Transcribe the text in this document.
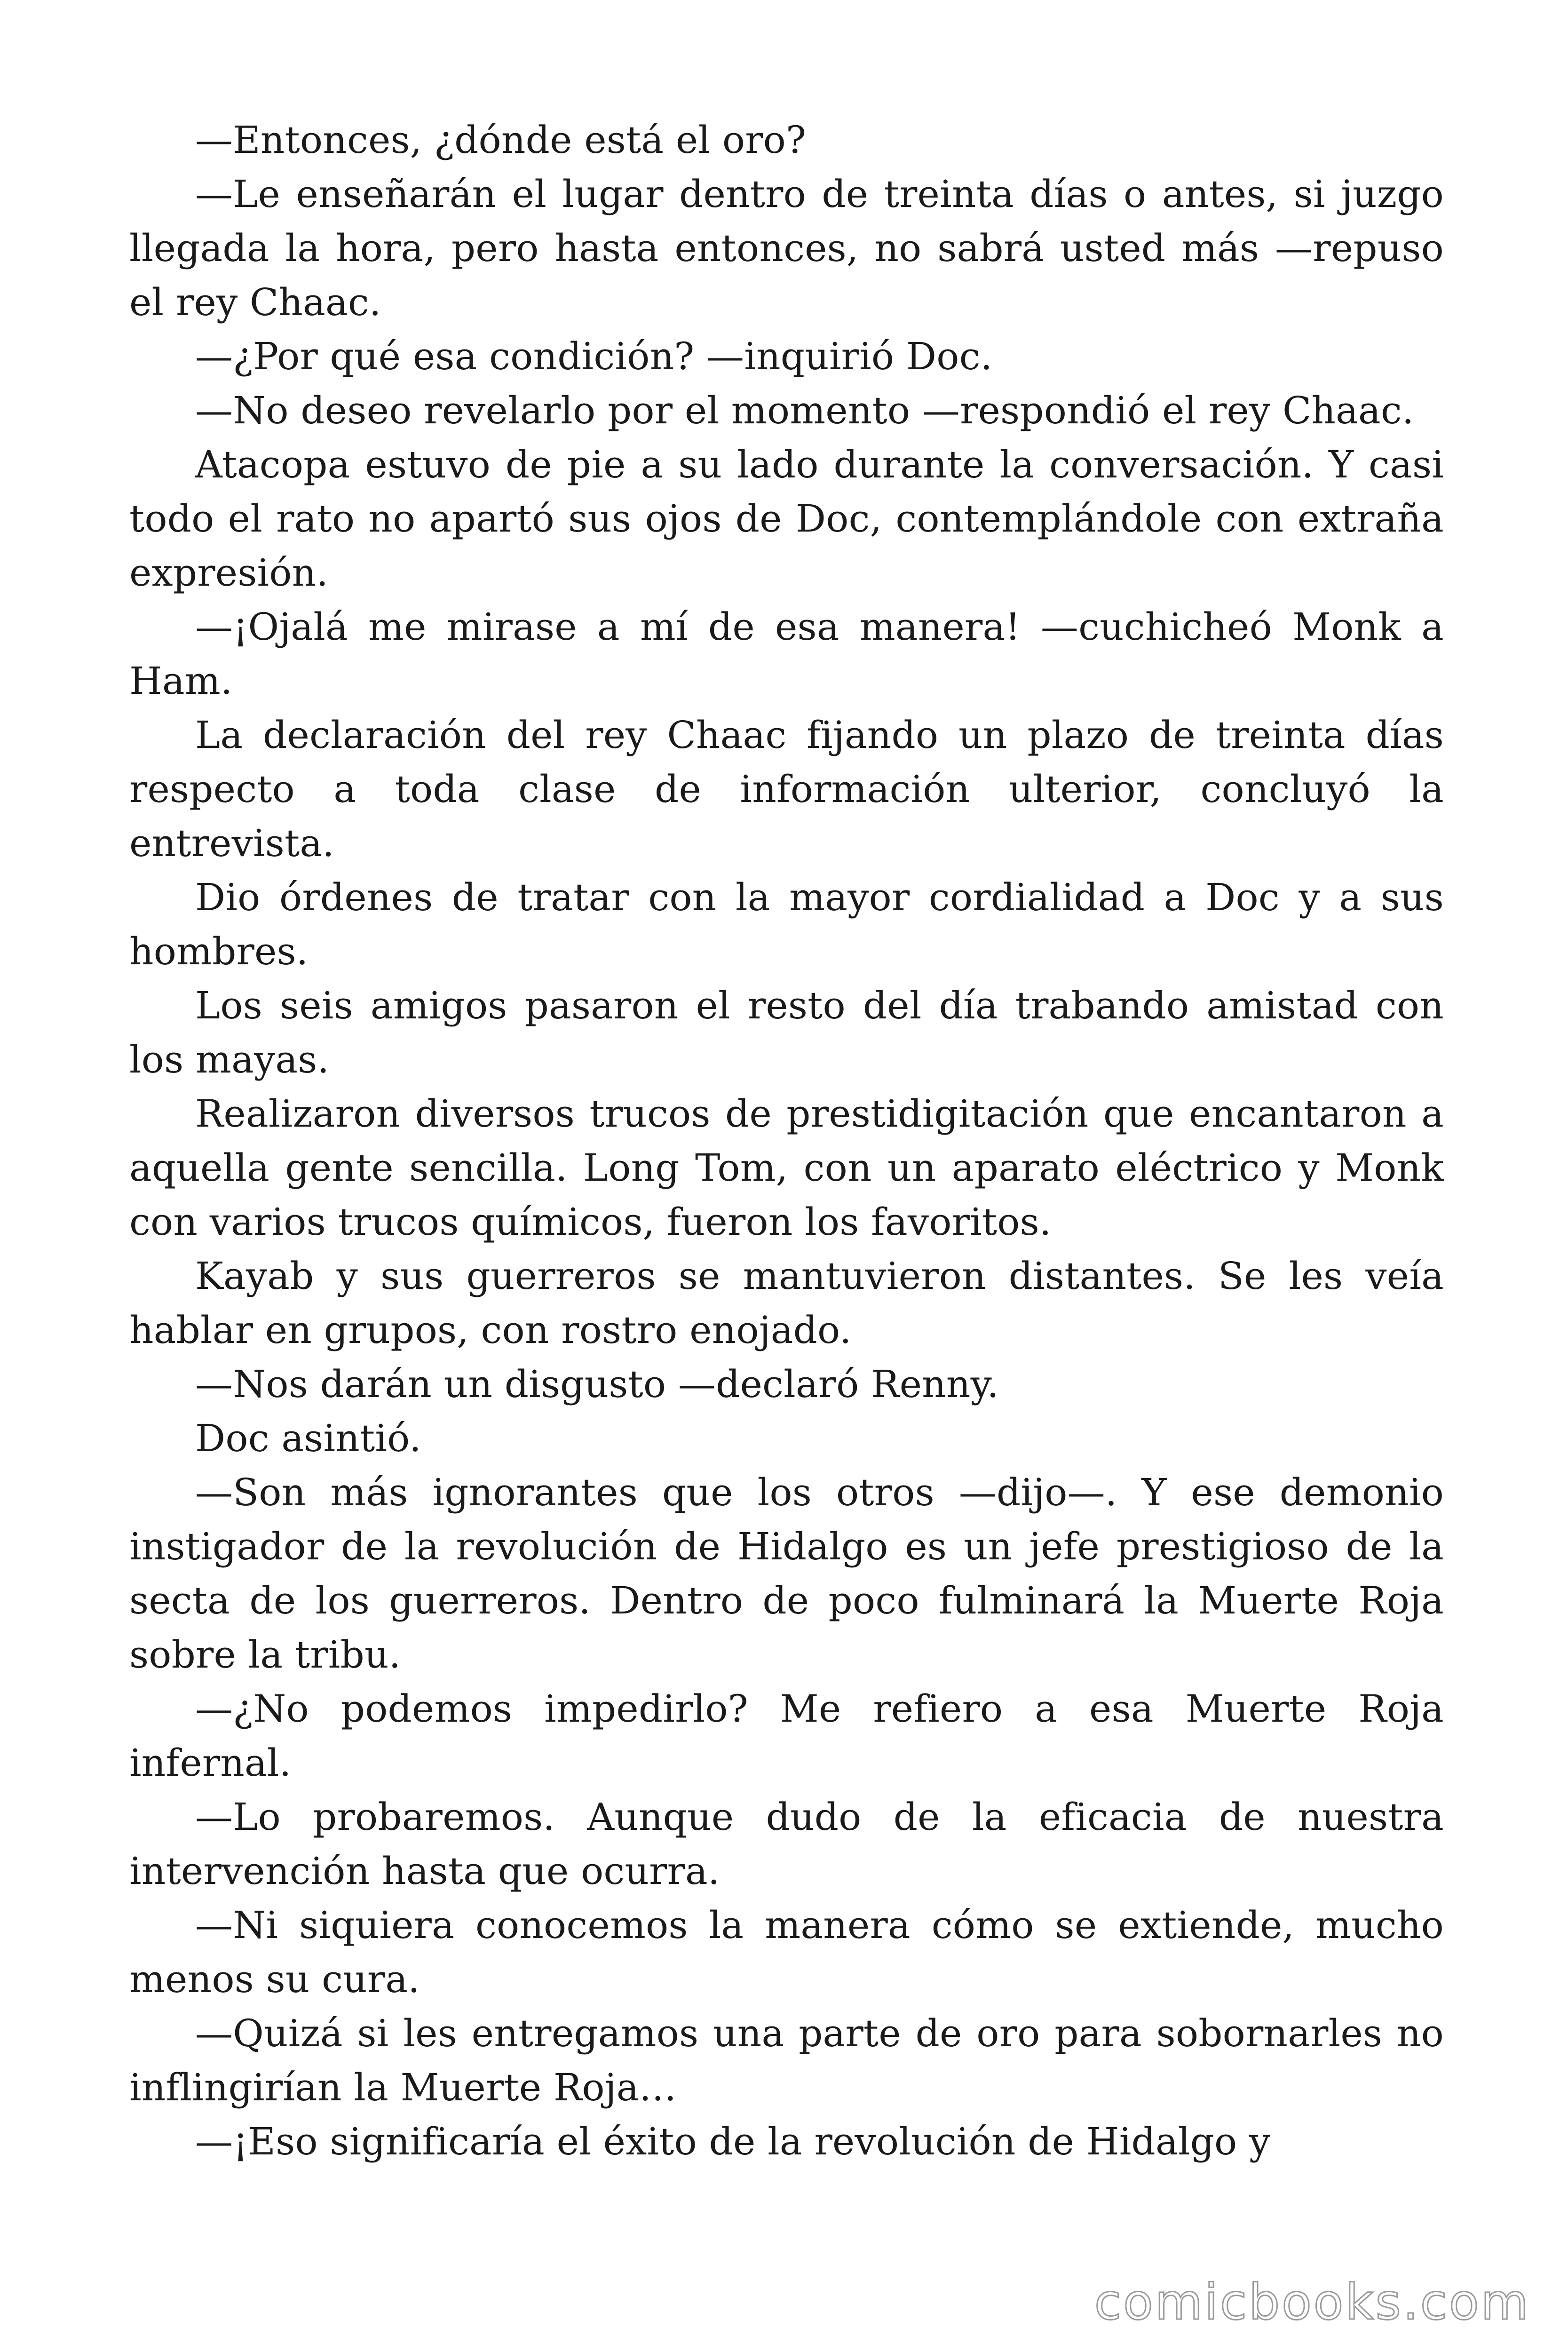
—Entonces, ¿dónde está el oro?

—Le enseñarán el lugar dentro de treinta días o antes, si juzgo llegada la hora, pero hasta entonces, no sabrá usted más —repuso el rey Chaac.

—¿Por qué esa condición? —inquirió Doc.

—No deseo revelarlo por el momento —respondió el rey Chaac.

Atacopa estuvo de pie a su lado durante la conversación. Y casi todo el rato no apartó sus ojos de Doc, contemplándole con extraña expresión.

—¡Ojalá me mirase a mí de esa manera! —cuchicheó Monk a Ham.

La declaración del rey Chaac fijando un plazo de treinta días respecto a toda clase de información ulterior, concluyó la entrevista.

Dio órdenes de tratar con la mayor cordialidad a Doc y a sus hombres.

Los seis amigos pasaron el resto del día trabando amistad con los mayas.

Realizaron diversos trucos de prestidigitación que encantaron a aquella gente sencilla. Long Tom, con un aparato eléctrico y Monk con varios trucos químicos, fueron los favoritos.

Kayab y sus guerreros se mantuvieron distantes. Se les veía hablar en grupos, con rostro enojado.

—Nos darán un disgusto —declaró Renny.

Doc asintió.

—Son más ignorantes que los otros —dijo—. Y ese demonio instigador de la revolución de Hidalgo es un jefe prestigioso de la secta de los guerreros. Dentro de poco fulminará la Muerte Roja sobre la tribu.

—¿No podemos impedirlo? Me refiero a esa Muerte Roja infernal.

—Lo probaremos. Aunque dudo de la eficacia de nuestra intervención hasta que ocurra.

—Ni siquiera conocemos la manera cómo se extiende, mucho menos su cura.

—Quizá si les entregamos una parte de oro para sobornarles no inflingirían la Muerte Roja…

—¡Eso significaría el éxito de la revolución de Hidalgo y

comicbooks.com
